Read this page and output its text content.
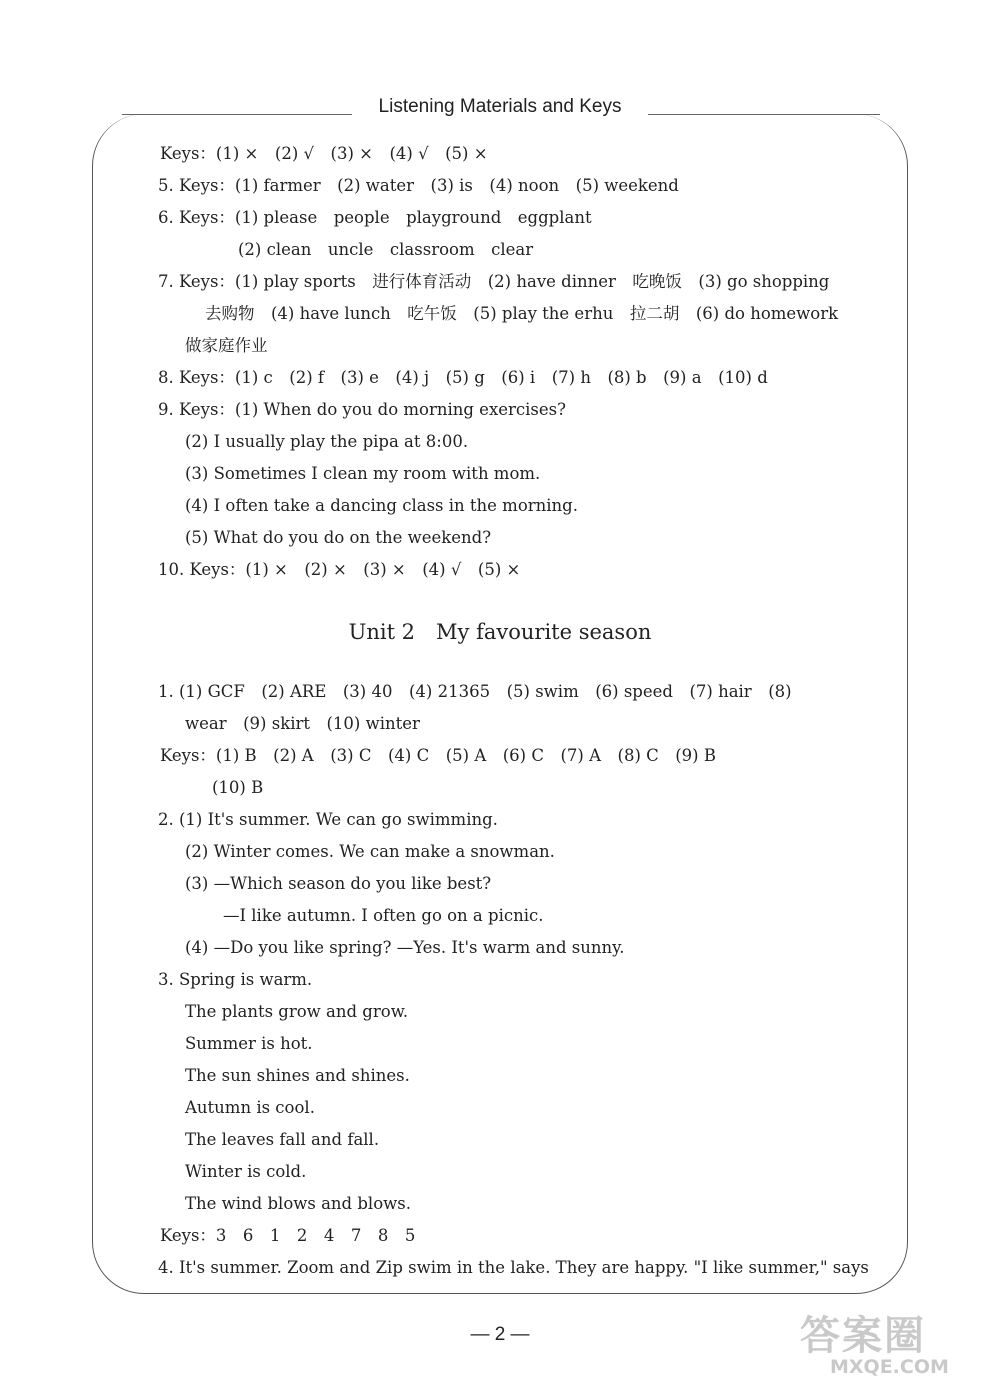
Listening Materials and Keys
Keys：(1) ×　(2) √　(3) ×　(4) √　(5) ×
5. Keys：(1) farmer　(2) water　(3) is　(4) noon　(5) weekend
6. Keys：(1) please　people　playground　eggplant
(2) clean　uncle　classroom　clear
7. Keys：(1) play sports　进行体育活动　(2) have dinner　吃晚饭　(3) go shopping
去购物　(4) have lunch　吃午饭　(5) play the erhu　拉二胡　(6) do homework
做家庭作业
8. Keys：(1) c　(2) f　(3) e　(4) j　(5) g　(6) i　(7) h　(8) b　(9) a　(10) d
9. Keys：(1) When do you do morning exercises?
(2) I usually play the pipa at 8:00.
(3) Sometimes I clean my room with mom.
(4) I often take a dancing class in the morning.
(5) What do you do on the weekend?
10. Keys：(1) ×　(2) ×　(3) ×　(4) √　(5) ×
Unit 2　My favourite season
1. (1) GCF　(2) ARE　(3) 40　(4) 21365　(5) swim　(6) speed　(7) hair　(8)
wear　(9) skirt　(10) winter
Keys：(1) B　(2) A　(3) C　(4) C　(5) A　(6) C　(7) A　(8) C　(9) B
(10) B
2. (1) It's summer. We can go swimming.
(2) Winter comes. We can make a snowman.
(3) —Which season do you like best?
—I like autumn. I often go on a picnic.
(4) —Do you like spring? —Yes. It's warm and sunny.
3. Spring is warm.
The plants grow and grow.
Summer is hot.
The sun shines and shines.
Autumn is cool.
The leaves fall and fall.
Winter is cold.
The wind blows and blows.
Keys：3　6　1　2　4　7　8　5
4. It's summer. Zoom and Zip swim in the lake. They are happy. "I like summer," says
— 2 —	答案圈
MXQE.COM
